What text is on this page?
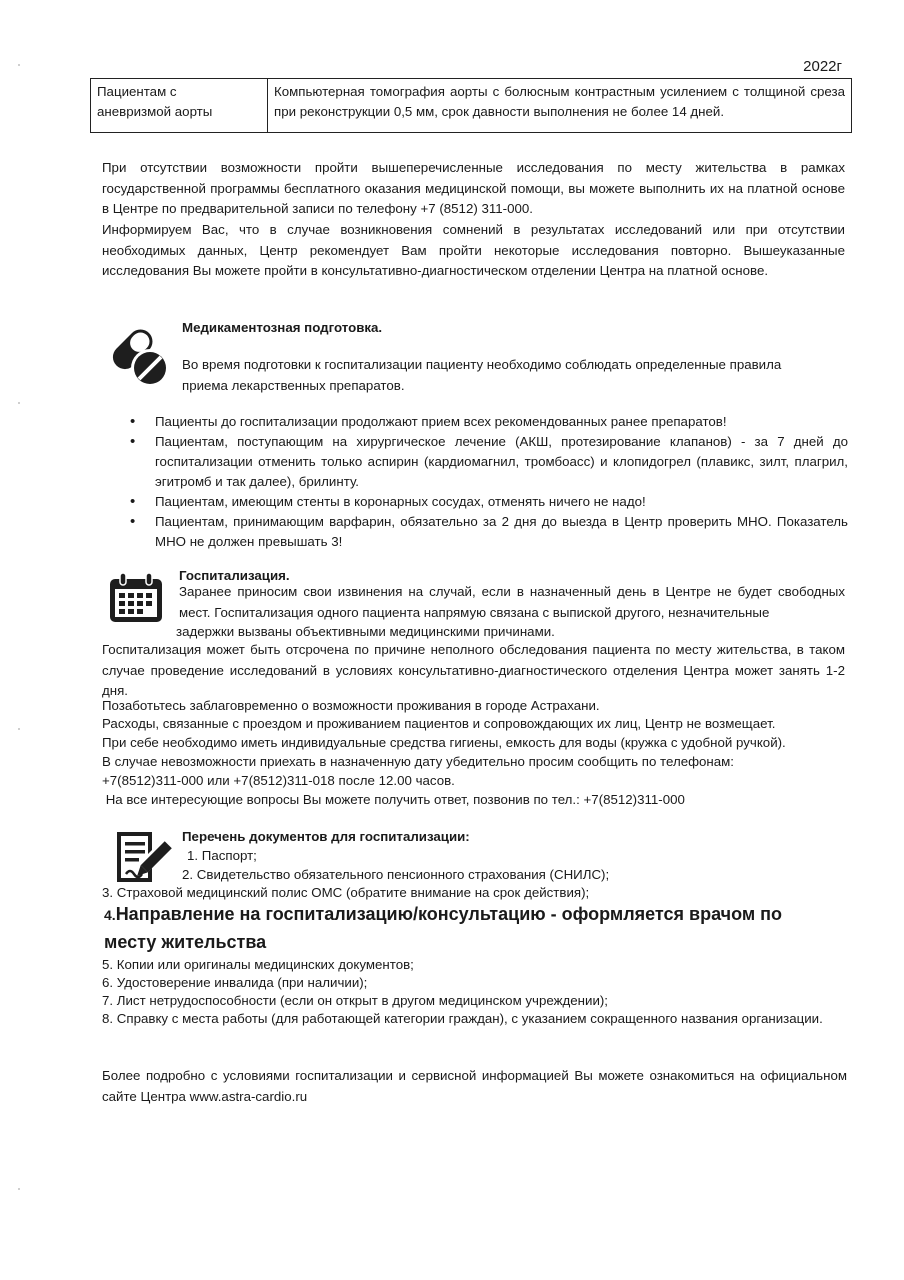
2022г
Пациентам с
аневризмой аорты
	Компьютерная томография аорты с болюсным контрастным усилением с толщиной среза при реконструкции 0,5 мм, срок давности выполнения не более 14 дней.
При отсутствии возможности пройти вышеперечисленные исследования по месту жительства в рамках государственной программы бесплатного оказания медицинской помощи, вы можете выполнить их на платной основе в Центре по предварительной записи по телефону +7 (8512) 311-000.
Информируем Вас, что в случае возникновения сомнений в результатах исследований или при отсутствии необходимых данных, Центр рекомендует Вам пройти некоторые исследования повторно. Вышеуказанные исследования Вы можете пройти в консультативно-диагностическом отделении Центра на платной основе.
Медикаментозная подготовка.
Во время подготовки к госпитализации пациенту необходимо соблюдать определенные правила приема лекарственных препаратов.
• Пациенты до госпитализации продолжают прием всех рекомендованных ранее препаратов!
• Пациентам, поступающим на хирургическое лечение (АКШ, протезирование клапанов) - за 7 дней до госпитализации отменить только аспирин (кардиомагнил, тромбоасс) и клопидогрел (плавикс, зилт, плагрил, эгитромб и так далее), брилинту.
• Пациентам, имеющим стенты в коронарных сосудах, отменять ничего не надо!
• Пациентам, принимающим варфарин, обязательно за 2 дня до выезда в Центр проверить МНО. Показатель МНО не должен превышать 3!
Госпитализация.
Заранее приносим свои извинения на случай, если в назначенный день в Центре не будет свободных мест. Госпитализация одного пациента напрямую связана с выпиской другого, незначительные
задержки вызваны объективными медицинскими причинами.
Госпитализация может быть отсрочена по причине неполного обследования пациента по месту жительства, в таком случае проведение исследований в условиях консультативно-диагностического отделения Центра может занять 1-2 дня.
Позаботьтесь заблаговременно о возможности проживания в городе Астрахани.
Расходы, связанные с проездом и проживанием пациентов и сопровождающих их лиц, Центр не возмещает.
При себе необходимо иметь индивидуальные средства гигиены, емкость для воды (кружка с удобной ручкой).
В случае невозможности приехать в назначенную дату убедительно просим сообщить по телефонам:
+7(8512)311-000 или +7(8512)311-018 после 12.00 часов.
На все интересующие вопросы Вы можете получить ответ, позвонив по тел.: +7(8512)311-000
Перечень документов для госпитализации:
1. Паспорт;
2. Свидетельство обязательного пенсионного страхования (СНИЛС);
3. Страховой медицинский полис ОМС (обратите внимание на срок действия);
4.Направление на госпитализацию/консультацию - оформляется врачом по месту жительства
5. Копии или оригиналы медицинских документов;
6. Удостоверение инвалида (при наличии);
7. Лист нетрудоспособности (если он открыт в другом медицинском учреждении);
8. Справку с места работы (для работающей категории граждан), с указанием сокращенного названия организации.
Более подробно с условиями госпитализации и сервисной информацией Вы можете ознакомиться на официальном сайте Центра www.astra-cardio.ru
